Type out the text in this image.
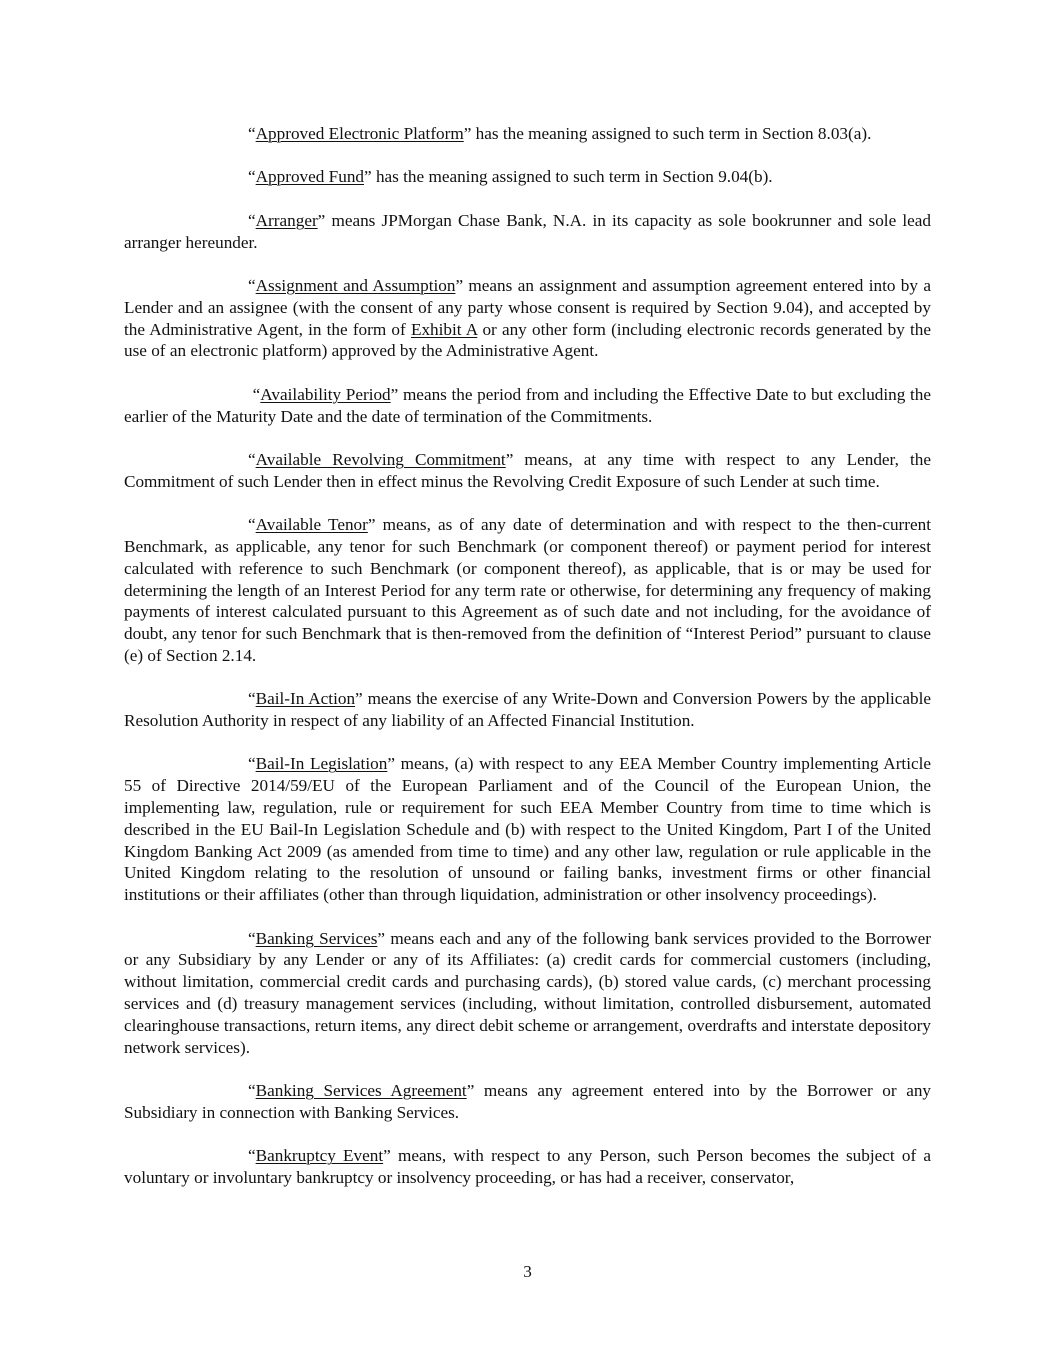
“Approved Electronic Platform” has the meaning assigned to such term in Section 8.03(a).

“Approved Fund” has the meaning assigned to such term in Section 9.04(b).

“Arranger” means JPMorgan Chase Bank, N.A. in its capacity as sole bookrunner and sole lead arranger hereunder.

“Assignment and Assumption” means an assignment and assumption agreement entered into by a Lender and an assignee (with the consent of any party whose consent is required by Section 9.04), and accepted by the Administrative Agent, in the form of Exhibit A or any other form (including electronic records generated by the use of an electronic platform) approved by the Administrative Agent.

“Availability Period” means the period from and including the Effective Date to but excluding the earlier of the Maturity Date and the date of termination of the Commitments.

“Available Revolving Commitment” means, at any time with respect to any Lender, the Commitment of such Lender then in effect minus the Revolving Credit Exposure of such Lender at such time.

“Available Tenor” means, as of any date of determination and with respect to the then-current Benchmark, as applicable, any tenor for such Benchmark (or component thereof) or payment period for interest calculated with reference to such Benchmark (or component thereof), as applicable, that is or may be used for determining the length of an Interest Period for any term rate or otherwise, for determining any frequency of making payments of interest calculated pursuant to this Agreement as of such date and not including, for the avoidance of doubt, any tenor for such Benchmark that is then-removed from the definition of “Interest Period” pursuant to clause (e) of Section 2.14.

“Bail-In Action” means the exercise of any Write-Down and Conversion Powers by the applicable Resolution Authority in respect of any liability of an Affected Financial Institution.

“Bail-In Legislation” means, (a) with respect to any EEA Member Country implementing Article 55 of Directive 2014/59/EU of the European Parliament and of the Council of the European Union, the implementing law, regulation, rule or requirement for such EEA Member Country from time to time which is described in the EU Bail-In Legislation Schedule and (b) with respect to the United Kingdom, Part I of the United Kingdom Banking Act 2009 (as amended from time to time) and any other law, regulation or rule applicable in the United Kingdom relating to the resolution of unsound or failing banks, investment firms or other financial institutions or their affiliates (other than through liquidation, administration or other insolvency proceedings).

“Banking Services” means each and any of the following bank services provided to the Borrower or any Subsidiary by any Lender or any of its Affiliates: (a) credit cards for commercial customers (including, without limitation, commercial credit cards and purchasing cards), (b) stored value cards, (c) merchant processing services and (d) treasury management services (including, without limitation, controlled disbursement, automated clearinghouse transactions, return items, any direct debit scheme or arrangement, overdrafts and interstate depository network services).

“Banking Services Agreement” means any agreement entered into by the Borrower or any Subsidiary in connection with Banking Services.

“Bankruptcy Event” means, with respect to any Person, such Person becomes the subject of a voluntary or involuntary bankruptcy or insolvency proceeding, or has had a receiver, conservator,

3
